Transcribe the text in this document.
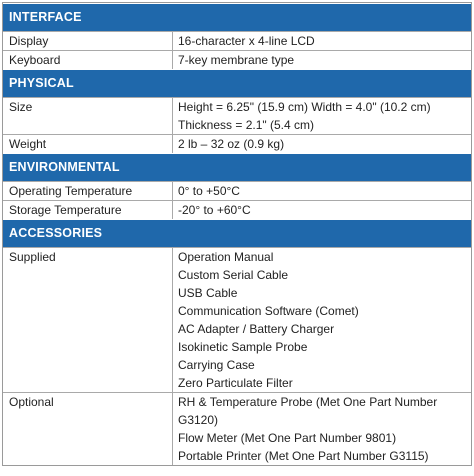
INTERFACE
Display	16-character x 4-line LCD
Keyboard	7-key membrane type
PHYSICAL
Size	Height = 6.25" (15.9 cm) Width = 4.0" (10.2 cm)
Thickness = 2.1" (5.4 cm)
Weight	2 lb – 32 oz (0.9 kg)
ENVIRONMENTAL
Operating Temperature	0° to +50°C
Storage Temperature	-20° to +60°C
ACCESSORIES
Supplied	Operation Manual
Custom Serial Cable
USB Cable
Communication Software (Comet)
AC Adapter / Battery Charger
Isokinetic Sample Probe
Carrying Case
Zero Particulate Filter
Optional	RH & Temperature Probe (Met One Part Number
G3120)
Flow Meter (Met One Part Number 9801)
Portable Printer (Met One Part Number G3115)
